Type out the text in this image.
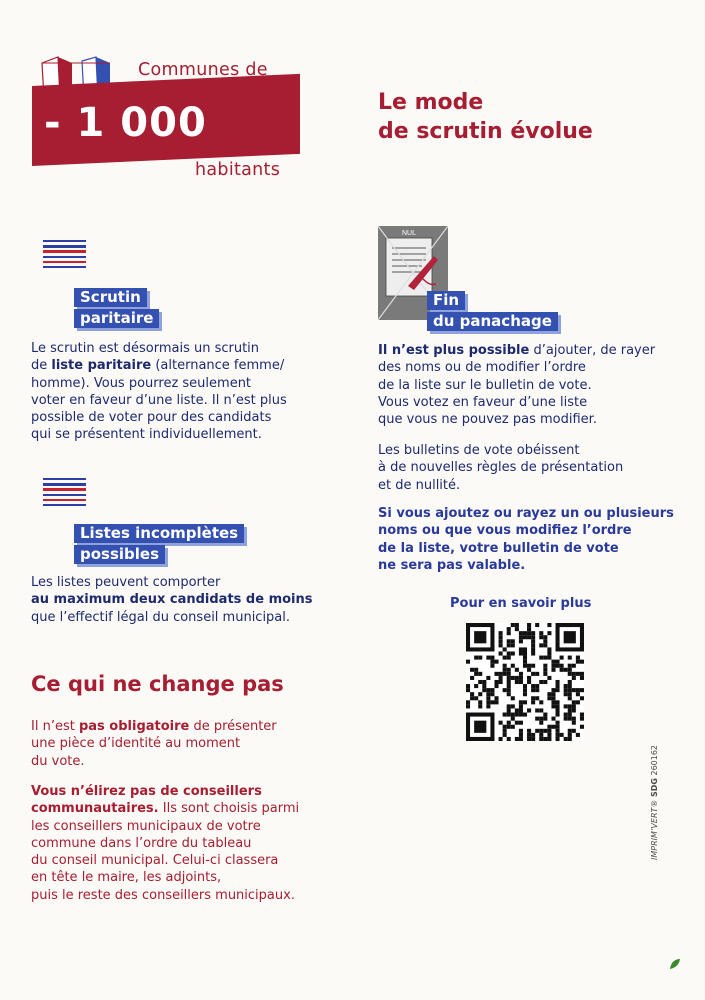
Communes de
- 1 000
habitants
Le mode
de scrutin évolue
Scrutin
paritaire
Le scrutin est désormais un scrutin
de liste paritaire (alternance femme/
homme). Vous pourrez seulement
voter en faveur d’une liste. Il n’est plus
possible de voter pour des candidats
qui se présentent individuellement.
Listes incomplètes
possibles
Les listes peuvent comporter
au maximum deux candidats de moins
que l’effectif légal du conseil municipal.
Ce qui ne change pas
Il n’est pas obligatoire de présenter
une pièce d’identité au moment
du vote.
Vous n’élirez pas de conseillers
communautaires. Ils sont choisis parmi
les conseillers municipaux de votre
commune dans l’ordre du tableau
du conseil municipal. Celui-ci classera
en tête le maire, les adjoints,
puis le reste des conseillers municipaux.
NUL
Fin
du panachage
Il n’est plus possible d’ajouter, de rayer
des noms ou de modifier l’ordre
de la liste sur le bulletin de vote.
Vous votez en faveur d’une liste
que vous ne pouvez pas modifier.
Les bulletins de vote obéissent
à de nouvelles règles de présentation
et de nullité.
Si vous ajoutez ou rayez un ou plusieurs
noms ou que vous modifiez l’ordre
de la liste, votre bulletin de vote
ne sera pas valable.
Pour en savoir plus
IMPRIM’VERT® SDG 260162
